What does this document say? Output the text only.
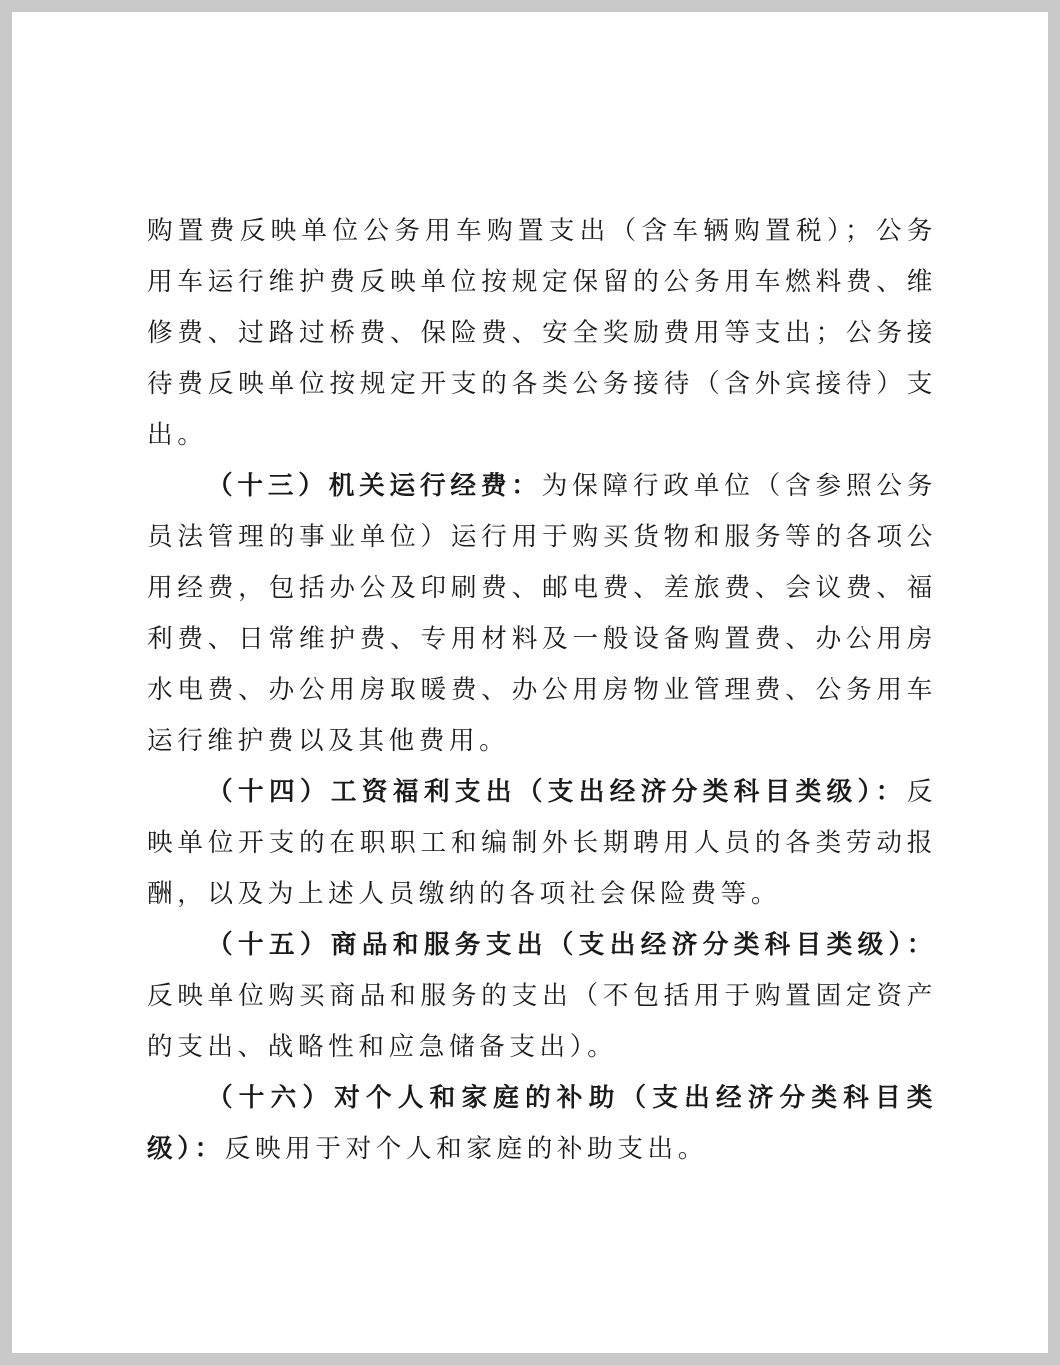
购置费反映单位公务用车购置支出（含车辆购置税）；公务用车运行维护费反映单位按规定保留的公务用车燃料费、维修费、过路过桥费、保险费、安全奖励费用等支出；公务接待费反映单位按规定开支的各类公务接待（含外宾接待）支出。

（十三）机关运行经费：为保障行政单位（含参照公务员法管理的事业单位）运行用于购买货物和服务等的各项公用经费，包括办公及印刷费、邮电费、差旅费、会议费、福利费、日常维护费、专用材料及一般设备购置费、办公用房水电费、办公用房取暖费、办公用房物业管理费、公务用车运行维护费以及其他费用。

（十四）工资福利支出（支出经济分类科目类级）：反映单位开支的在职职工和编制外长期聘用人员的各类劳动报酬，以及为上述人员缴纳的各项社会保险费等。

（十五）商品和服务支出（支出经济分类科目类级）：反映单位购买商品和服务的支出（不包括用于购置固定资产的支出、战略性和应急储备支出）。

（十六）对个人和家庭的补助（支出经济分类科目类级）：反映用于对个人和家庭的补助支出。
